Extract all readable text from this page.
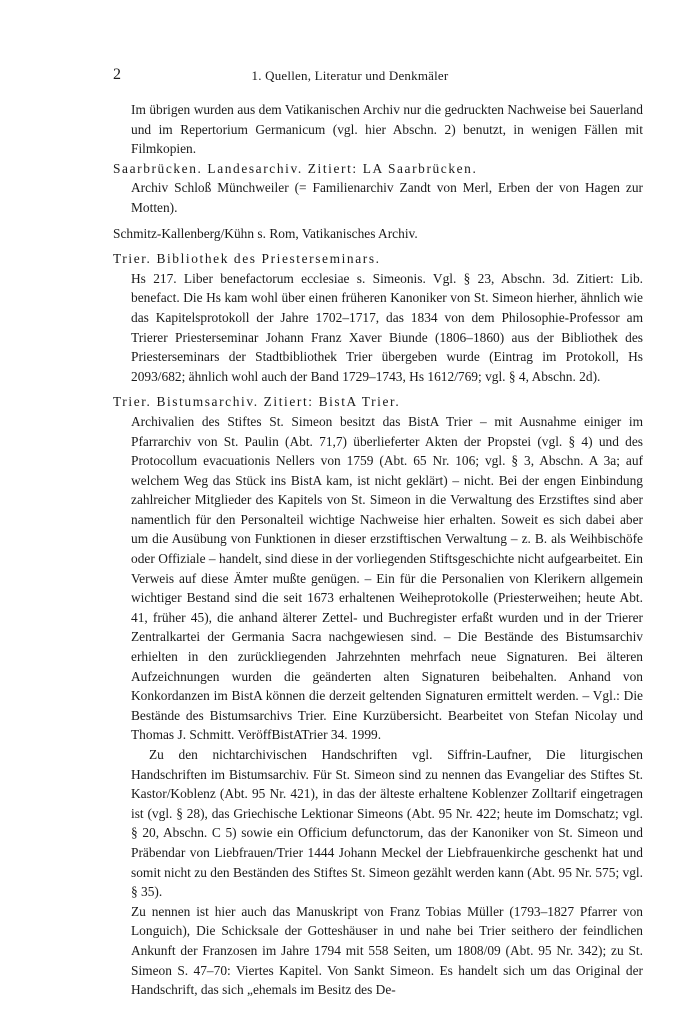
2	1. Quellen, Literatur und Denkmäler

Im übrigen wurden aus dem Vatikanischen Archiv nur die gedruckten Nachweise bei Sauerland und im Repertorium Germanicum (vgl. hier Abschn. 2) benutzt, in wenigen Fällen mit Filmkopien.

Saarbrücken. Landesarchiv. Zitiert: LA Saarbrücken.
Archiv Schloß Münchweiler (= Familienarchiv Zandt von Merl, Erben der von Hagen zur Motten).
Schmitz-Kallenberg/Kühn s. Rom, Vatikanisches Archiv.
Trier. Bibliothek des Priesterseminars.
Hs 217. Liber benefactorum ecclesiae s. Simeonis. Vgl. § 23, Abschn. 3d. Zitiert: Lib. benefact. Die Hs kam wohl über einen früheren Kanoniker von St. Simeon hierher, ähnlich wie das Kapitelsprotokoll der Jahre 1702–1717, das 1834 von dem Philosophie-Professor am Trierer Priesterseminar Johann Franz Xaver Biunde (1806–1860) aus der Bibliothek des Priesterseminars der Stadtbibliothek Trier übergeben wurde (Eintrag im Protokoll, Hs 2093/682; ähnlich wohl auch der Band 1729–1743, Hs 1612/769; vgl. § 4, Abschn. 2d).
Trier. Bistumsarchiv. Zitiert: BistA Trier.
Archivalien des Stiftes St. Simeon besitzt das BistA Trier – mit Ausnahme einiger im Pfarrarchiv von St. Paulin (Abt. 71,7) überlieferter Akten der Propstei (vgl. § 4) und des Protocollum evacuationis Nellers von 1759 (Abt. 65 Nr. 106; vgl. § 3, Abschn. A 3a; auf welchem Weg das Stück ins BistA kam, ist nicht geklärt) – nicht. Bei der engen Einbindung zahlreicher Mitglieder des Kapitels von St. Simeon in die Verwaltung des Erzstiftes sind aber namentlich für den Personalteil wichtige Nachweise hier erhalten. Soweit es sich dabei aber um die Ausübung von Funktionen in dieser erzstiftischen Verwaltung – z. B. als Weihbischöfe oder Offiziale – handelt, sind diese in der vorliegenden Stiftsgeschichte nicht aufgearbeitet. Ein Verweis auf diese Ämter mußte genügen. – Ein für die Personalien von Klerikern allgemein wichtiger Bestand sind die seit 1673 erhaltenen Weiheprotokolle (Priesterweihen; heute Abt. 41, früher 45), die anhand älterer Zettel- und Buchregister erfaßt wurden und in der Trierer Zentralkartei der Germania Sacra nachgewiesen sind. – Die Bestände des Bistumsarchiv erhielten in den zurückliegenden Jahrzehnten mehrfach neue Signaturen. Bei älteren Aufzeichnungen wurden die geänderten alten Signaturen beibehalten. Anhand von Konkordanzen im BistA können die derzeit geltenden Signaturen ermittelt werden. – Vgl.: Die Bestände des Bistumsarchivs Trier. Eine Kurzübersicht. Bearbeitet von Stefan Nicolay und Thomas J. Schmitt. VeröffBistATrier 34. 1999.

Zu den nichtarchivischen Handschriften vgl. Siffrin-Laufner, Die liturgischen Handschriften im Bistumsarchiv. Für St. Simeon sind zu nennen das Evangeliar des Stiftes St. Kastor/Koblenz (Abt. 95 Nr. 421), in das der älteste erhaltene Koblenzer Zolltarif eingetragen ist (vgl. § 28), das Griechische Lektionar Simeons (Abt. 95 Nr. 422; heute im Domschatz; vgl. § 20, Abschn. C 5) sowie ein Officium defunctorum, das der Kanoniker von St. Simeon und Präbendar von Liebfrauen/Trier 1444 Johann Meckel der Liebfrauenkirche geschenkt hat und somit nicht zu den Beständen des Stiftes St. Simeon gezählt werden kann (Abt. 95 Nr. 575; vgl. § 35).

Zu nennen ist hier auch das Manuskript von Franz Tobias Müller (1793–1827 Pfarrer von Longuich), Die Schicksale der Gotteshäuser in und nahe bei Trier seithero der feindlichen Ankunft der Franzosen im Jahre 1794 mit 558 Seiten, um 1808/09 (Abt. 95 Nr. 342); zu St. Simeon S. 47–70: Viertes Kapitel. Von Sankt Simeon. Es handelt sich um das Original der Handschrift, das sich „ehemals im Besitz des De-
